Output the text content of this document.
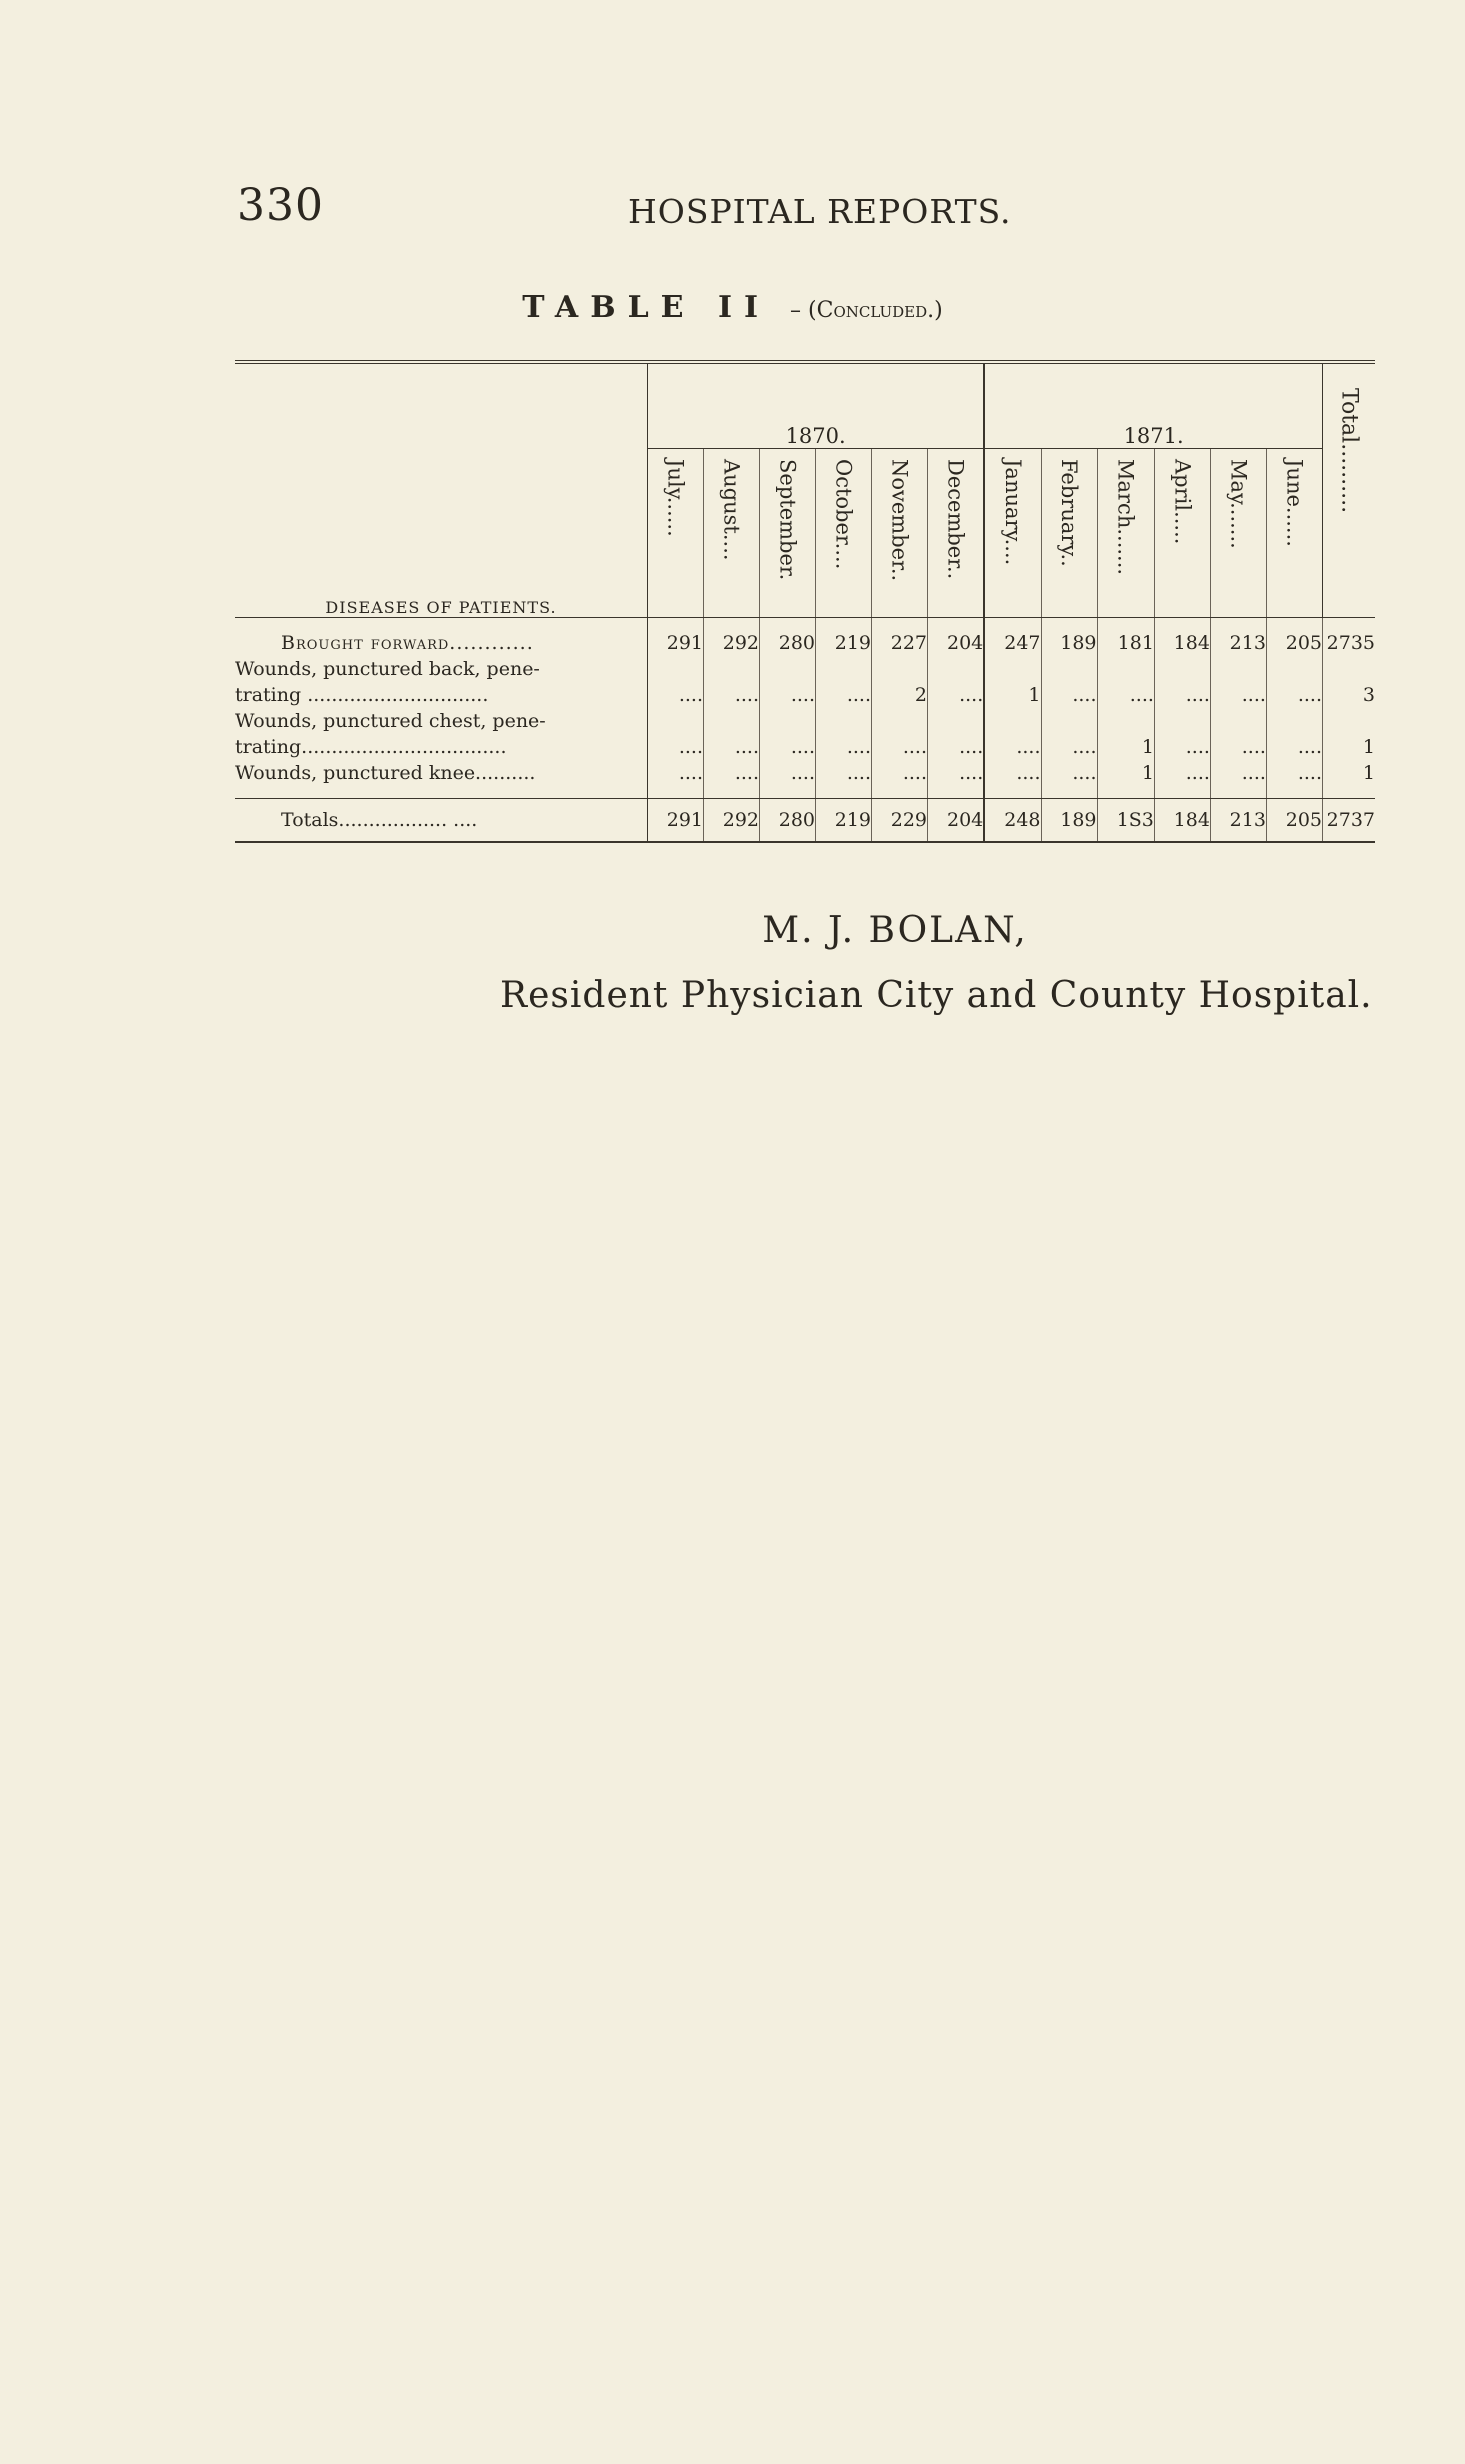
330	HOSPITAL REPORTS.
TABLE II – (Concluded.)
DISEASES OF PATIENTS.	1870.						1871.						Total..........

	July......	August....	September.	October....	November..	December..	January....	February..	March.......	April.....	May.......	June......	

Brought forward............	291	292	280	219	227	204	247	189	181	184	213	205	2735
Wounds, punctured back, pene-													
trating ..............................	....	....	....	....	2	....	1	....	....	....	....	....	3
Wounds, punctured chest, pene-													
trating..................................	....	....	....	....	....	....	....	....	1	....	....	....	1
Wounds, punctured knee..........	....	....	....	....	....	....	....	....	1	....	....	....	1

Totals.................. ....	291	292	280	219	229	204	248	189	1S3	184	213	205	2737
M. J. BOLAN,
Resident Physician City and County Hospital.
